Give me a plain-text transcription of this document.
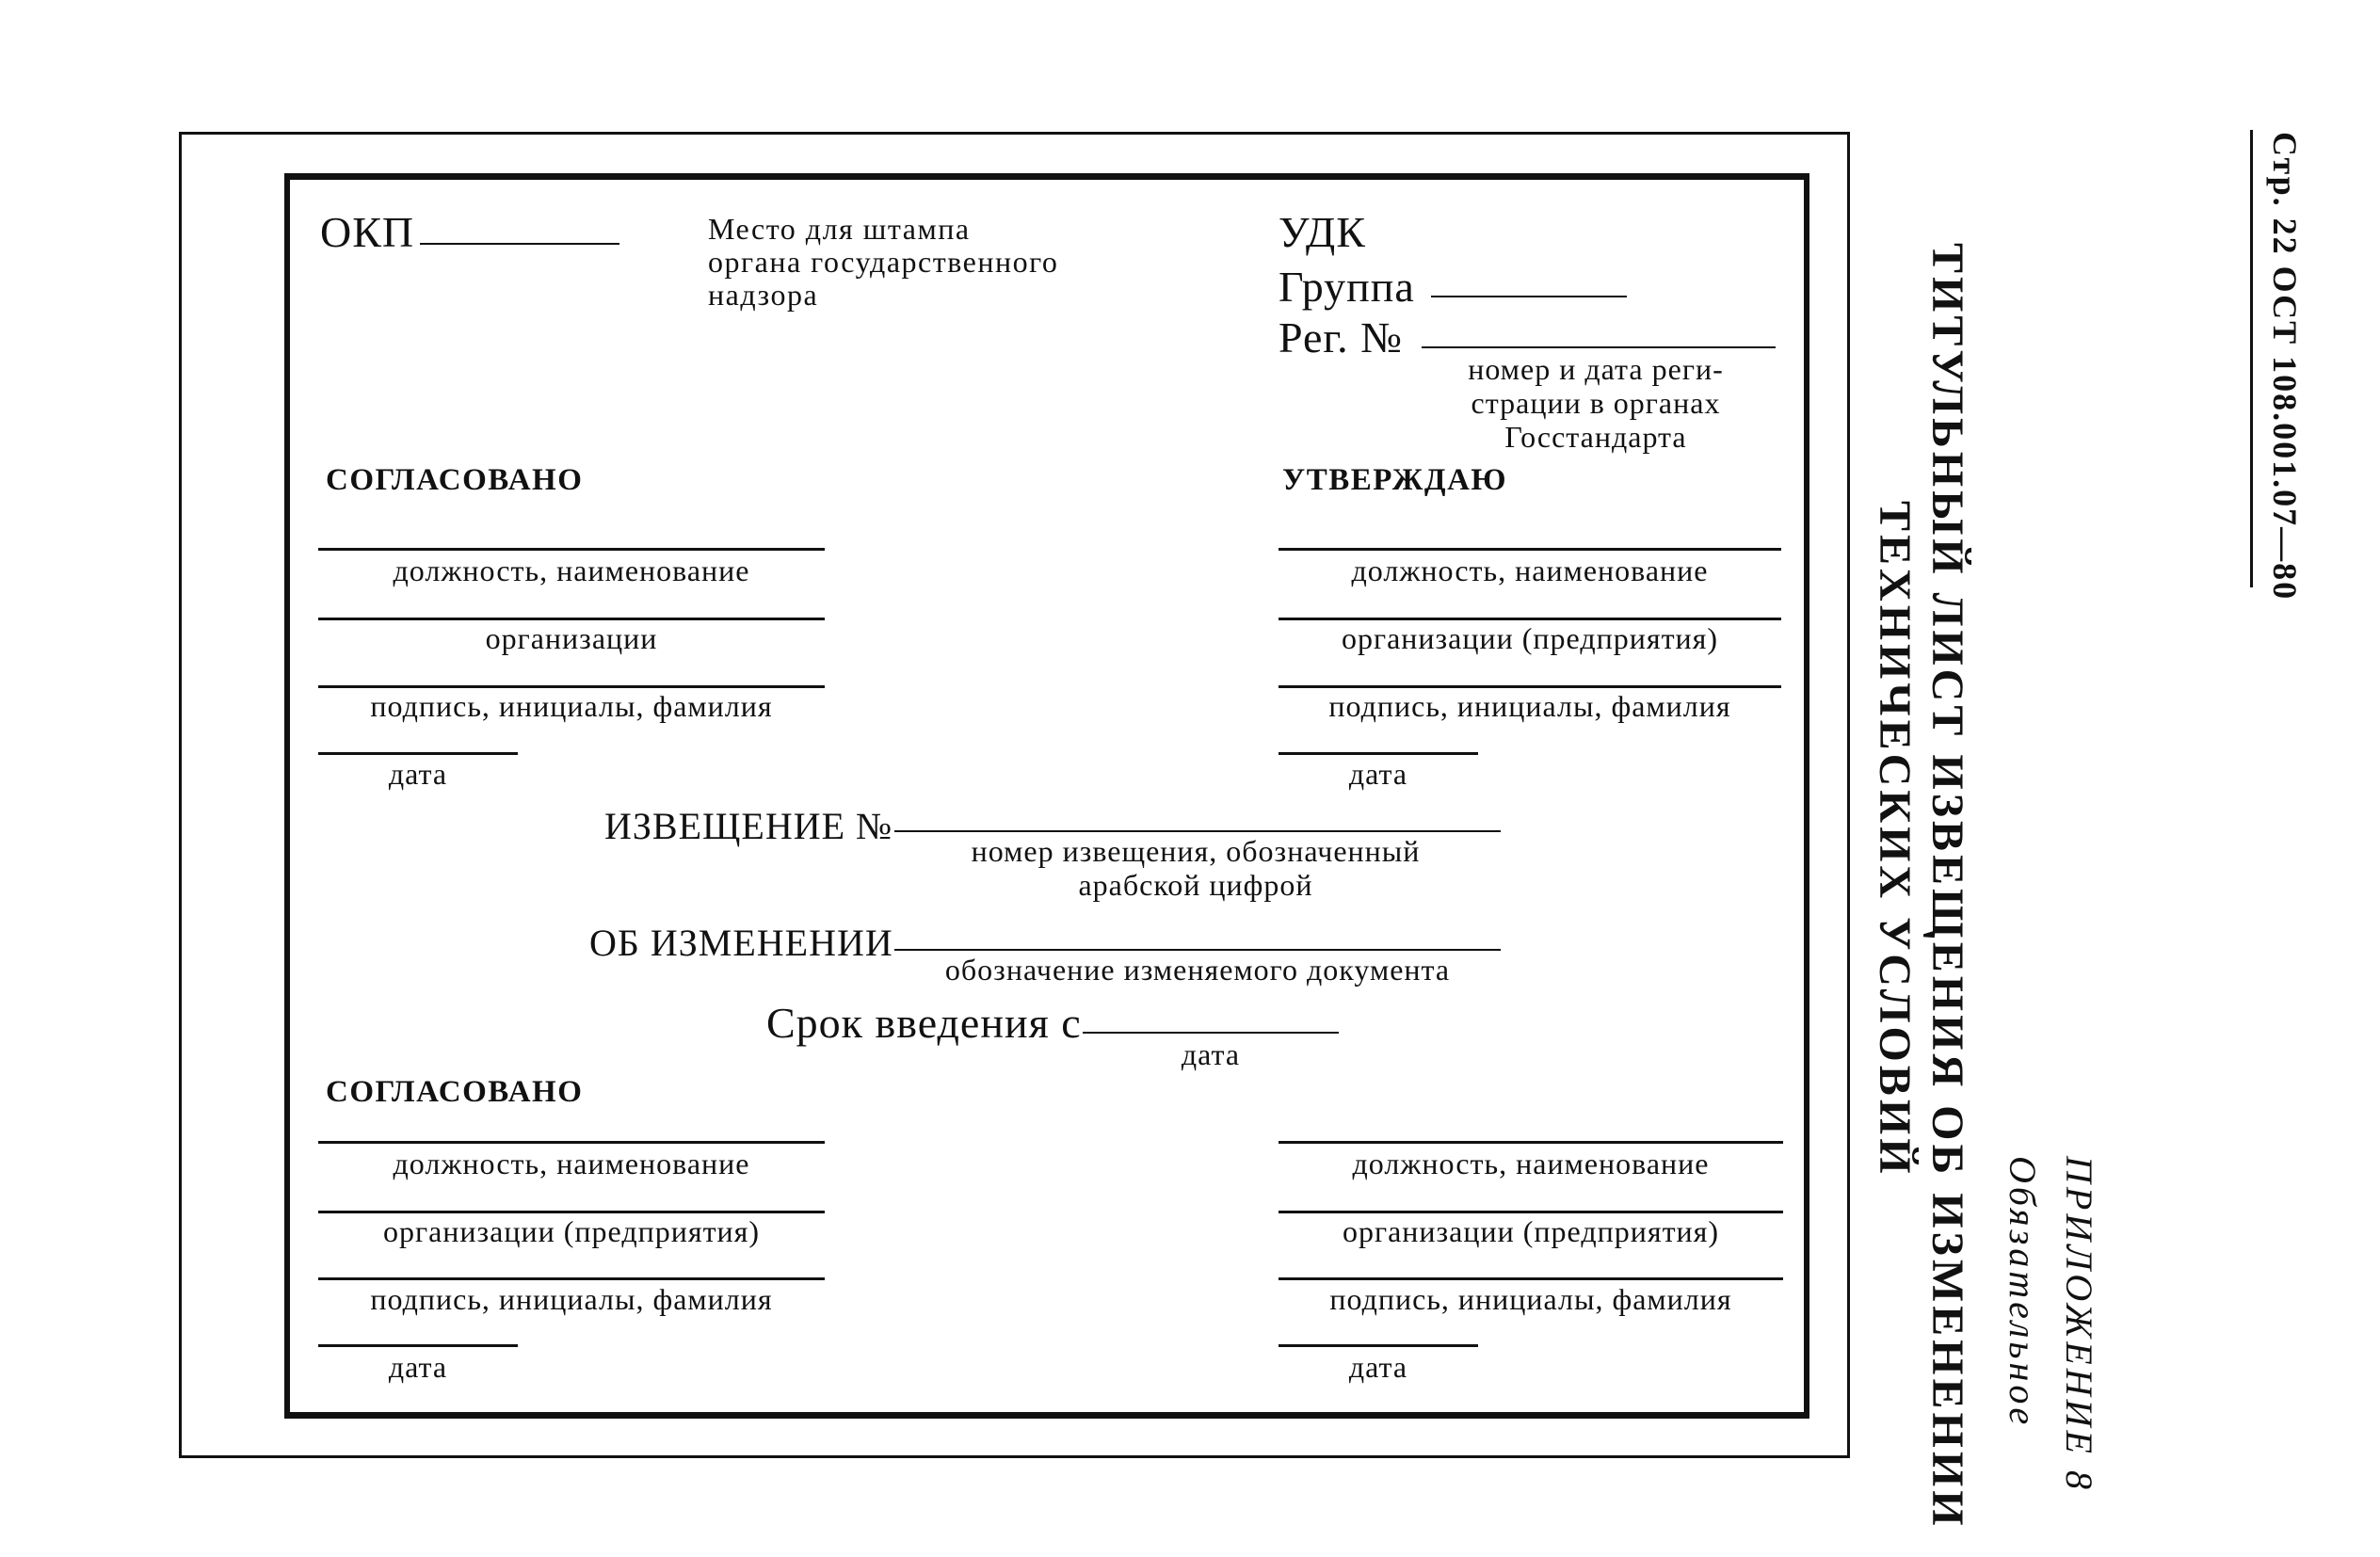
ОКП	Место для штампа
органа государственного
надзора
УДК
Группа
Рег. №
номер и дата реги-
страции в органах
Госстандарта
СОГЛАСОВАНО
должность, наименование
организации
подпись, инициалы, фамилия
дата
УТВЕРЖДАЮ
должность, наименование
организации (предприятия)
подпись, инициалы, фамилия
дата
ИЗВЕЩЕНИЕ №
номер извещения, обозначенный
арабской цифрой
ОБ ИЗМЕНЕНИИ
обозначение изменяемого документа
Срок введения с
дата
СОГЛАСОВАНО
должность, наименование
организации (предприятия)
подпись, инициалы, фамилия
дата
должность, наименование
организации (предприятия)
подпись, инициалы, фамилия
дата	ТИТУЛЬНЫЙ ЛИСТ ИЗВЕЩЕНИЯ ОБ ИЗМЕНЕНИИ
ТЕХНИЧЕСКИХ УСЛОВИЙ
ПРИЛОЖЕНИЕ 8
Обязательное
Стр. 22 ОСТ 108.001.07—80
